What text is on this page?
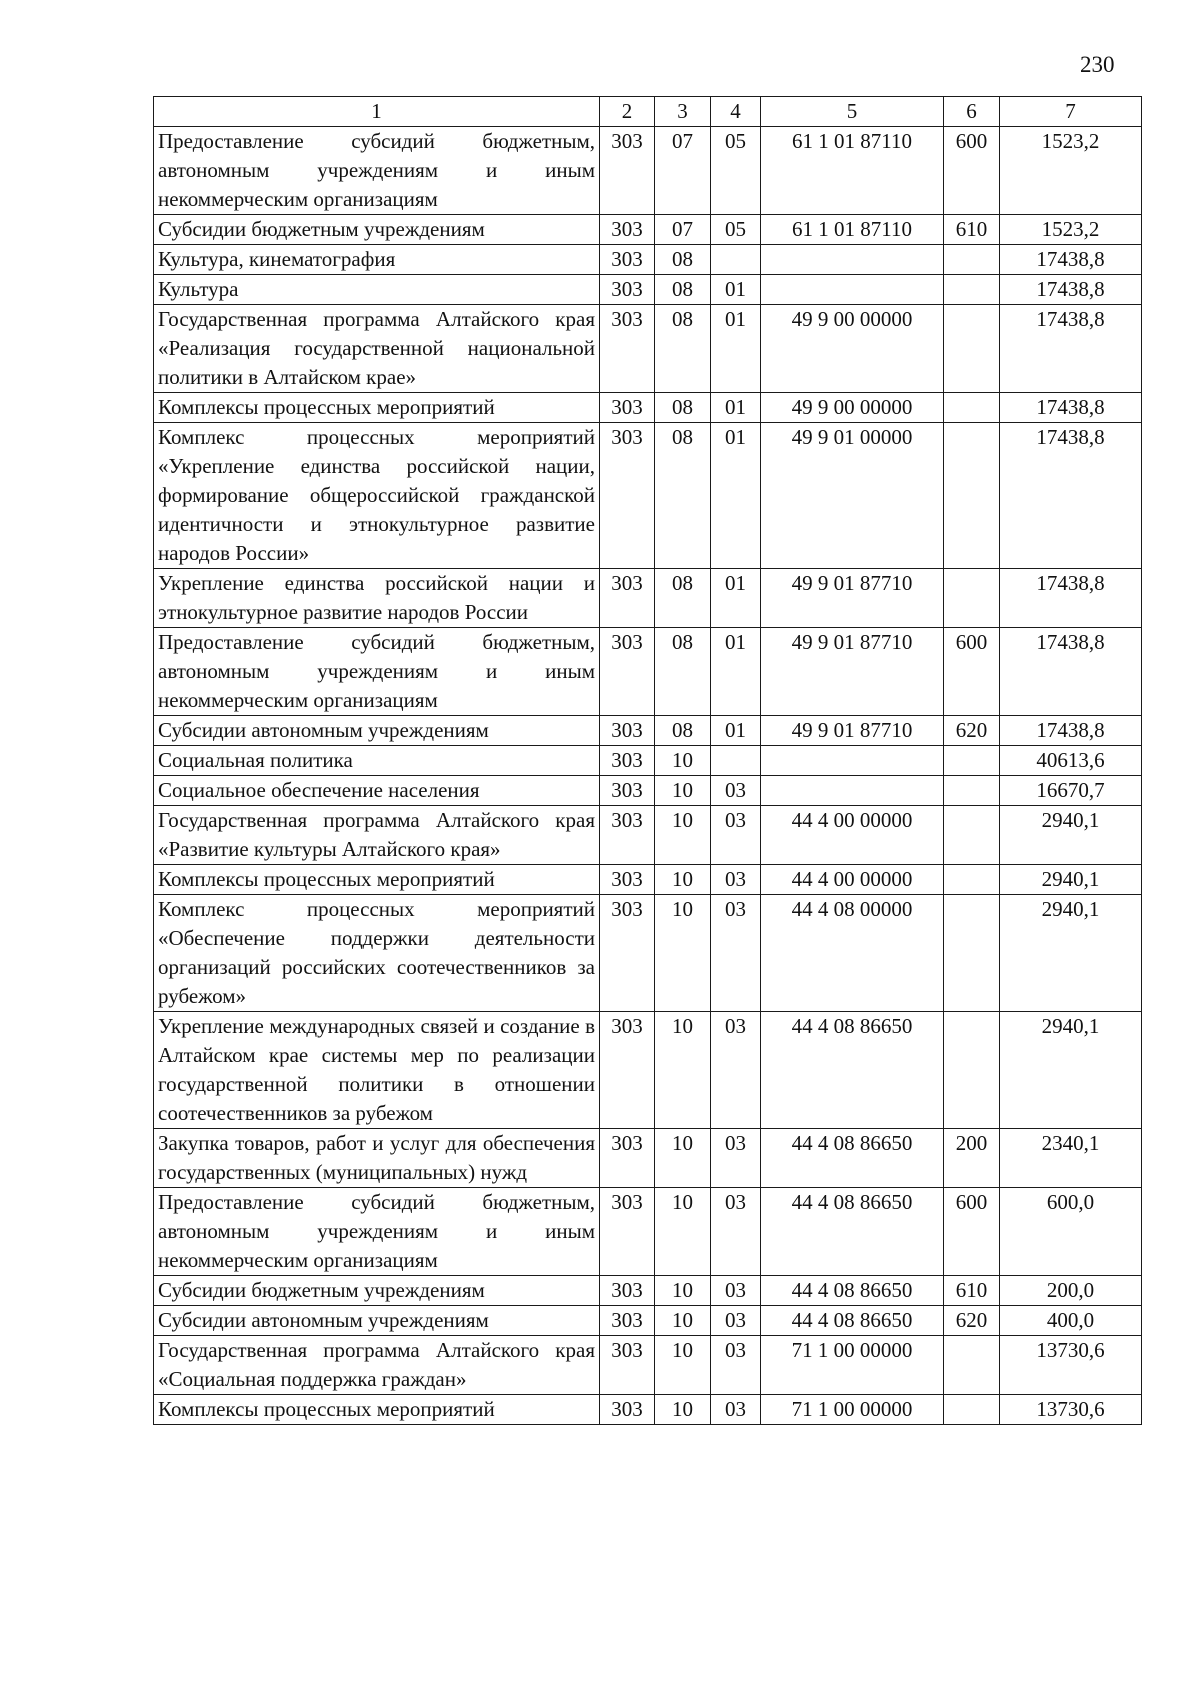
230
1	2	3	4	5	6	7
Предоставление субсидий бюджетным, автономным учреждениям и иным некоммерческим организациям	303	07	05	61 1 01 87110	600	1523,2
Субсидии бюджетным учреждениям	303	07	05	61 1 01 87110	610	1523,2
Культура, кинематография	303	08				17438,8
Культура	303	08	01			17438,8
Государственная программа Алтайского края «Реализация государственной национальной политики в Алтайском крае»	303	08	01	49 9 00 00000		17438,8
Комплексы процессных мероприятий	303	08	01	49 9 00 00000		17438,8
Комплекс процессных мероприятий «Укрепление единства российской нации, формирование общероссийской гражданской идентичности и этнокультурное развитие народов России»	303	08	01	49 9 01 00000		17438,8
Укрепление единства российской нации и этнокультурное развитие народов России	303	08	01	49 9 01 87710		17438,8
Предоставление субсидий бюджетным, автономным учреждениям и иным некоммерческим организациям	303	08	01	49 9 01 87710	600	17438,8
Субсидии автономным учреждениям	303	08	01	49 9 01 87710	620	17438,8
Социальная политика	303	10				40613,6
Социальное обеспечение населения	303	10	03			16670,7
Государственная программа Алтайского края «Развитие культуры Алтайского края»	303	10	03	44 4 00 00000		2940,1
Комплексы процессных мероприятий	303	10	03	44 4 00 00000		2940,1
Комплекс процессных мероприятий «Обеспечение поддержки деятельности организаций российских соотечественников за рубежом»	303	10	03	44 4 08 00000		2940,1
Укрепление международных связей и создание в Алтайском крае системы мер по реализации государственной политики в отношении соотечественников за рубежом	303	10	03	44 4 08 86650		2940,1
Закупка товаров, работ и услуг для обеспечения государственных (муниципальных) нужд	303	10	03	44 4 08 86650	200	2340,1
Предоставление субсидий бюджетным, автономным учреждениям и иным некоммерческим организациям	303	10	03	44 4 08 86650	600	600,0
Субсидии бюджетным учреждениям	303	10	03	44 4 08 86650	610	200,0
Субсидии автономным учреждениям	303	10	03	44 4 08 86650	620	400,0
Государственная программа Алтайского края «Социальная поддержка граждан»	303	10	03	71 1 00 00000		13730,6
Комплексы процессных мероприятий	303	10	03	71 1 00 00000		13730,6
